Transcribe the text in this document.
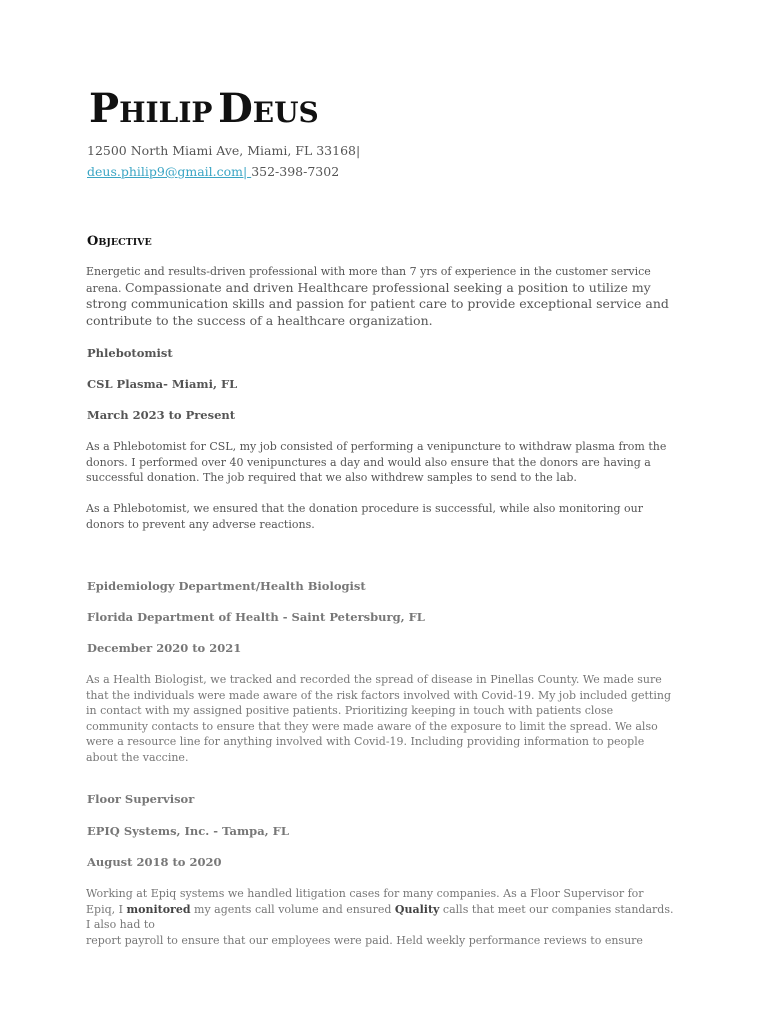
PHILIP DEUS
12500 North Miami Ave, Miami, FL 33168|
deus.philip9@gmail.com| 352-398-7302
OBJECTIVE
Energetic and results-driven professional with more than 7 yrs of experience in the customer service arena. Compassionate and driven Healthcare professional seeking a position to utilize my strong communication skills and passion for patient care to provide exceptional service and contribute to the success of a healthcare organization.
Phlebotomist
CSL Plasma- Miami, FL
March 2023 to Present
As a Phlebotomist for CSL, my job consisted of performing a venipuncture to withdraw plasma from the donors. I performed over 40 venipunctures a day and would also ensure that the donors are having a successful donation. The job required that we also withdrew samples to send to the lab.
As a Phlebotomist, we ensured that the donation procedure is successful, while also monitoring our donors to prevent any adverse reactions.
Epidemiology Department/Health Biologist
Florida Department of Health - Saint Petersburg, FL
December 2020 to 2021
As a Health Biologist, we tracked and recorded the spread of disease in Pinellas County. We made sure that the individuals were made aware of the risk factors involved with Covid-19. My job included getting in contact with my assigned positive patients. Prioritizing keeping in touch with patients close community contacts to ensure that they were made aware of the exposure to limit the spread. We also were a resource line for anything involved with Covid-19. Including providing information to people about the vaccine.
Floor Supervisor
EPIQ Systems, Inc. - Tampa, FL
August 2018 to 2020
Working at Epiq systems we handled litigation cases for many companies. As a Floor Supervisor for Epiq, I monitored my agents call volume and ensured Quality calls that meet our companies standards. I also had to
report payroll to ensure that our employees were paid. Held weekly performance reviews to ensure
